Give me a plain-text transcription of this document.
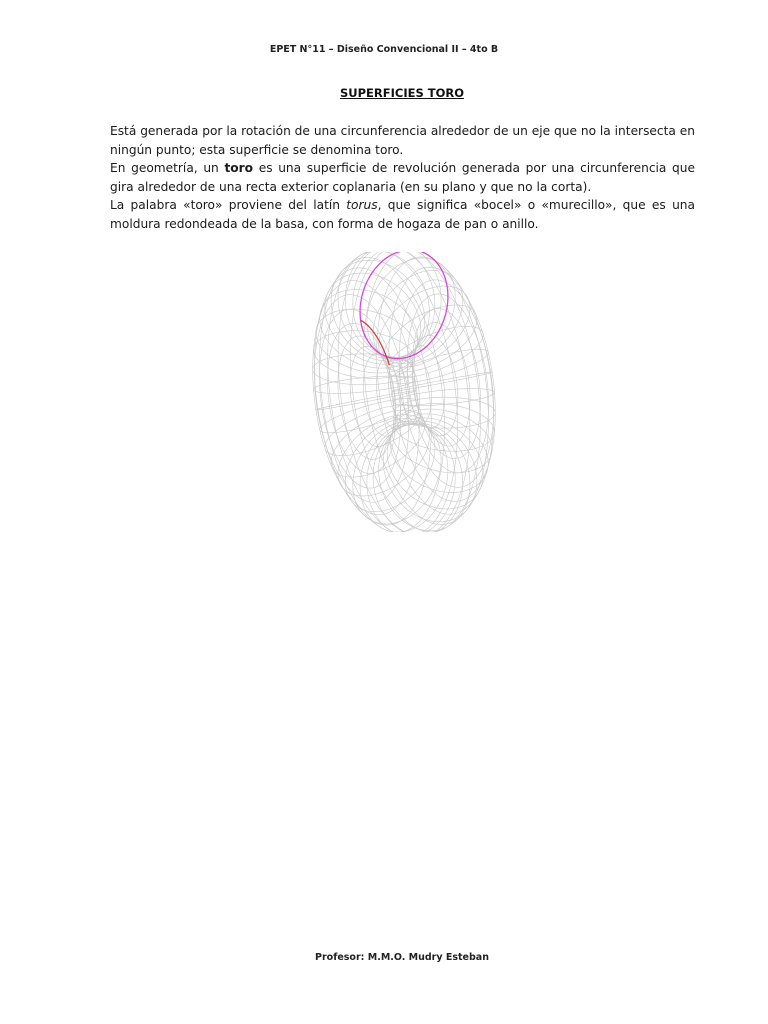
EPET N°11 – Diseño Convencional II – 4to B
SUPERFICIES TORO

Está generada por la rotación de una circunferencia alrededor de un eje que no la intersecta en ningún punto; esta superficie se denomina toro.

En geometría, un toro es una superficie de revolución generada por una circunferencia que gira alrededor de una recta exterior coplanaria (en su plano y que no la corta).

La palabra «toro» proviene del latín torus, que significa «bocel» o «murecillo», que es una moldura redondeada de la basa, con forma de hogaza de pan o anillo.

Profesor: M.M.O. Mudry Esteban
